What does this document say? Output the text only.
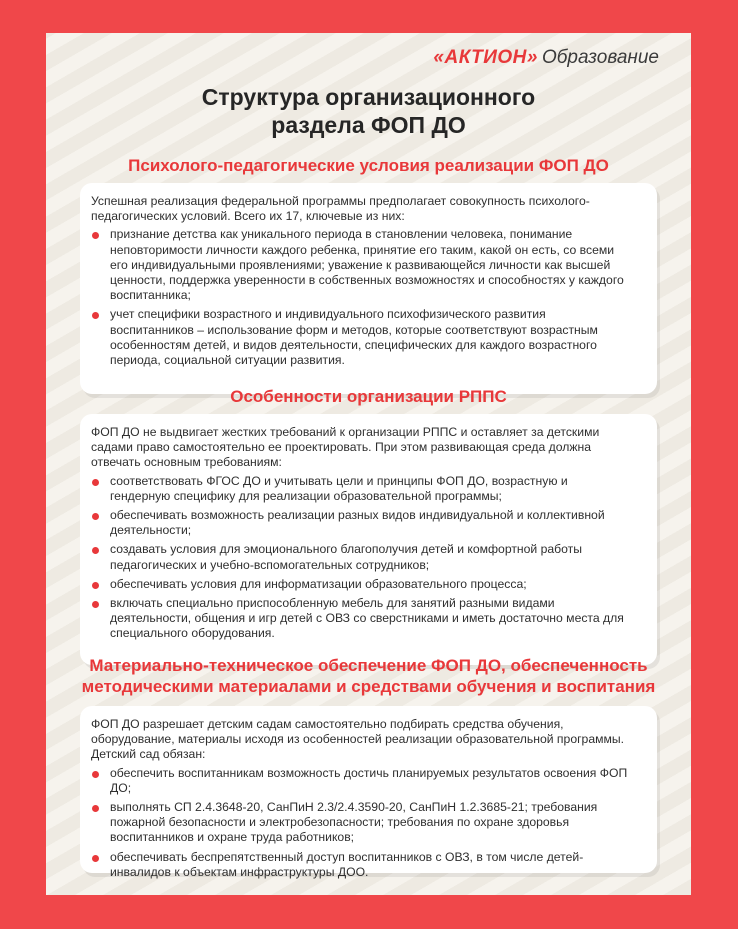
«АКТИОН» Образование
Структура организационного
раздела ФОП ДО
Психолого-педагогические условия реализации ФОП ДО

Успешная реализация федеральной программы предполагает совокупность психолого-педагогических условий. Всего их 17, ключевые из них:

признание детства как уникального периода в становлении человека, понимание неповторимости личности каждого ребенка, принятие его таким, какой он есть, со всеми его индивидуальными проявлениями; уважение к развивающейся личности как высшей ценности, поддержка уверенности в собственных возможностях и способностях у каждого воспитанника;
учет специфики возрастного и индивидуального психофизического развития воспитанников – использование форм и методов, которые соответствуют возрастным особенностям детей, и видов деятельности, специфических для каждого возрастного периода, социальной ситуации развития.
Особенности организации РППС

ФОП ДО не выдвигает жестких требований к организации РППС и оставляет за детскими садами право самостоятельно ее проектировать. При этом развивающая среда должна отвечать основным требованиям:

соответствовать ФГОС ДО и учитывать цели и принципы ФОП ДО, возрастную и гендерную специфику для реализации образовательной программы;
обеспечивать возможность реализации разных видов индивидуальной и коллективной деятельности;
создавать условия для эмоционального благополучия детей и комфортной работы педагогических и учебно-вспомогательных сотрудников;
обеспечивать условия для информатизации образовательного процесса;
включать специально приспособленную мебель для занятий разными видами деятельности, общения и игр детей с ОВЗ со сверстниками и иметь достаточно места для специального оборудования.
Материально-техническое обеспечение ФОП ДО, обеспеченность
методическими материалами и средствами обучения и воспитания

ФОП ДО разрешает детским садам самостоятельно подбирать средства обучения, оборудование, материалы исходя из особенностей реализации образовательной программы. Детский сад обязан:

обеспечить воспитанникам возможность достичь планируемых результатов освоения ФОП ДО;
выполнять СП 2.4.3648-20, СанПиН 2.3/2.4.3590-20, СанПиН 1.2.3685-21; требования пожарной безопасности и электробезопасности; требования по охране здоровья воспитанников и охране труда работников;
обеспечивать беспрепятственный доступ воспитанников с ОВЗ, в том числе детей-инвалидов к объектам инфраструктуры ДОО.
